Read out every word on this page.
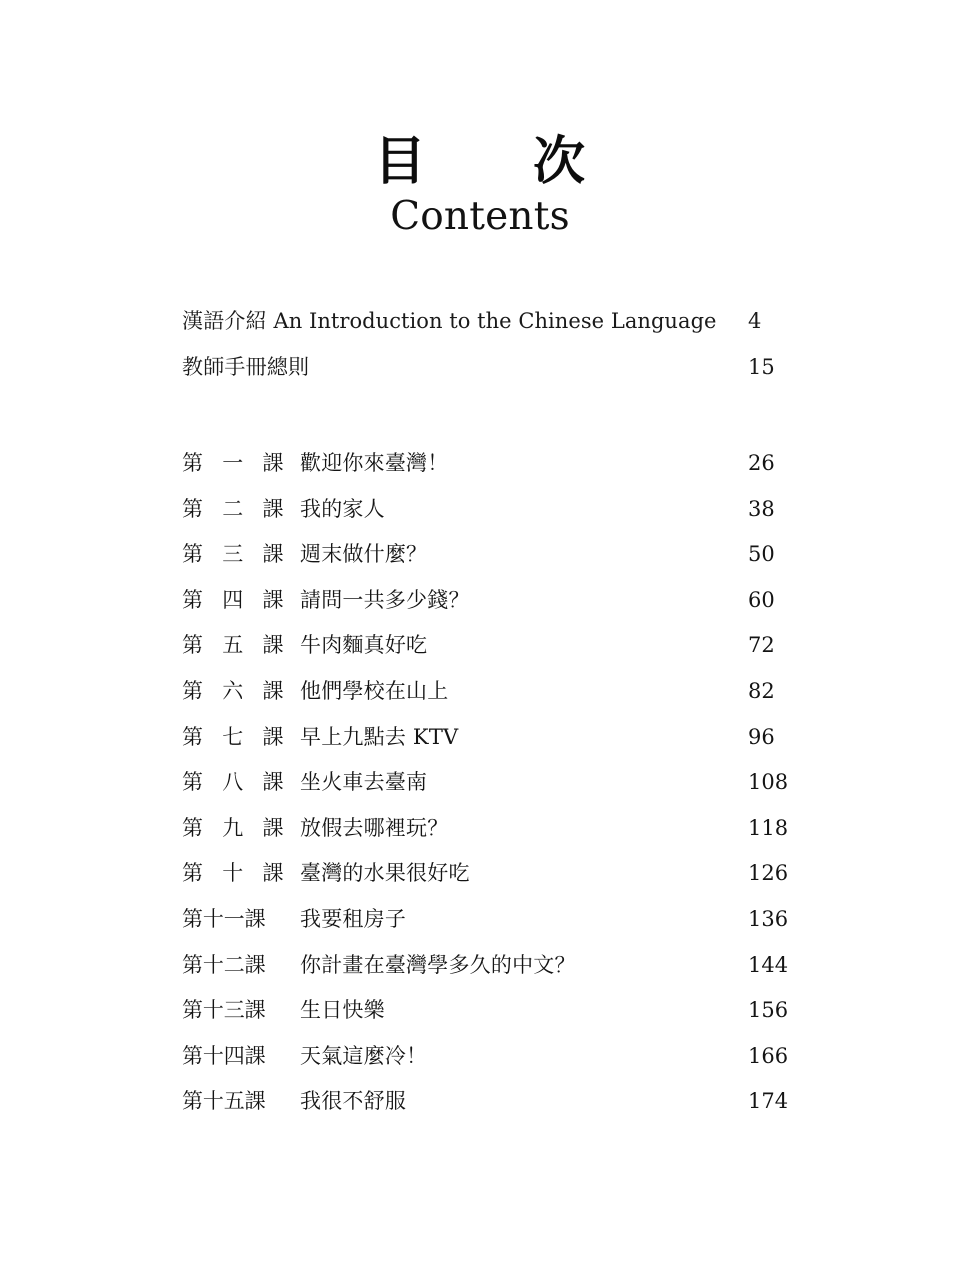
目　　次
Contents
漢語介紹 An Introduction to the Chinese Language 4
教師手冊總則	15
第 一 課 歡迎你來臺灣！	26
第 二 課 我的家人	38
第 三 課 週末做什麼？	50
第 四 課 請問一共多少錢？	60
第 五 課 牛肉麵真好吃	72
第 六 課 他們學校在山上	82
第 七 課 早上九點去 KTV	96
第 八 課 坐火車去臺南	108
第 九 課 放假去哪裡玩？	118
第 十 課 臺灣的水果很好吃	126
第十一課	我要租房子	136
第十二課	你計畫在臺灣學多久的中文？	144
第十三課	生日快樂	156
第十四課	天氣這麼冷！	166
第十五課	我很不舒服	174
